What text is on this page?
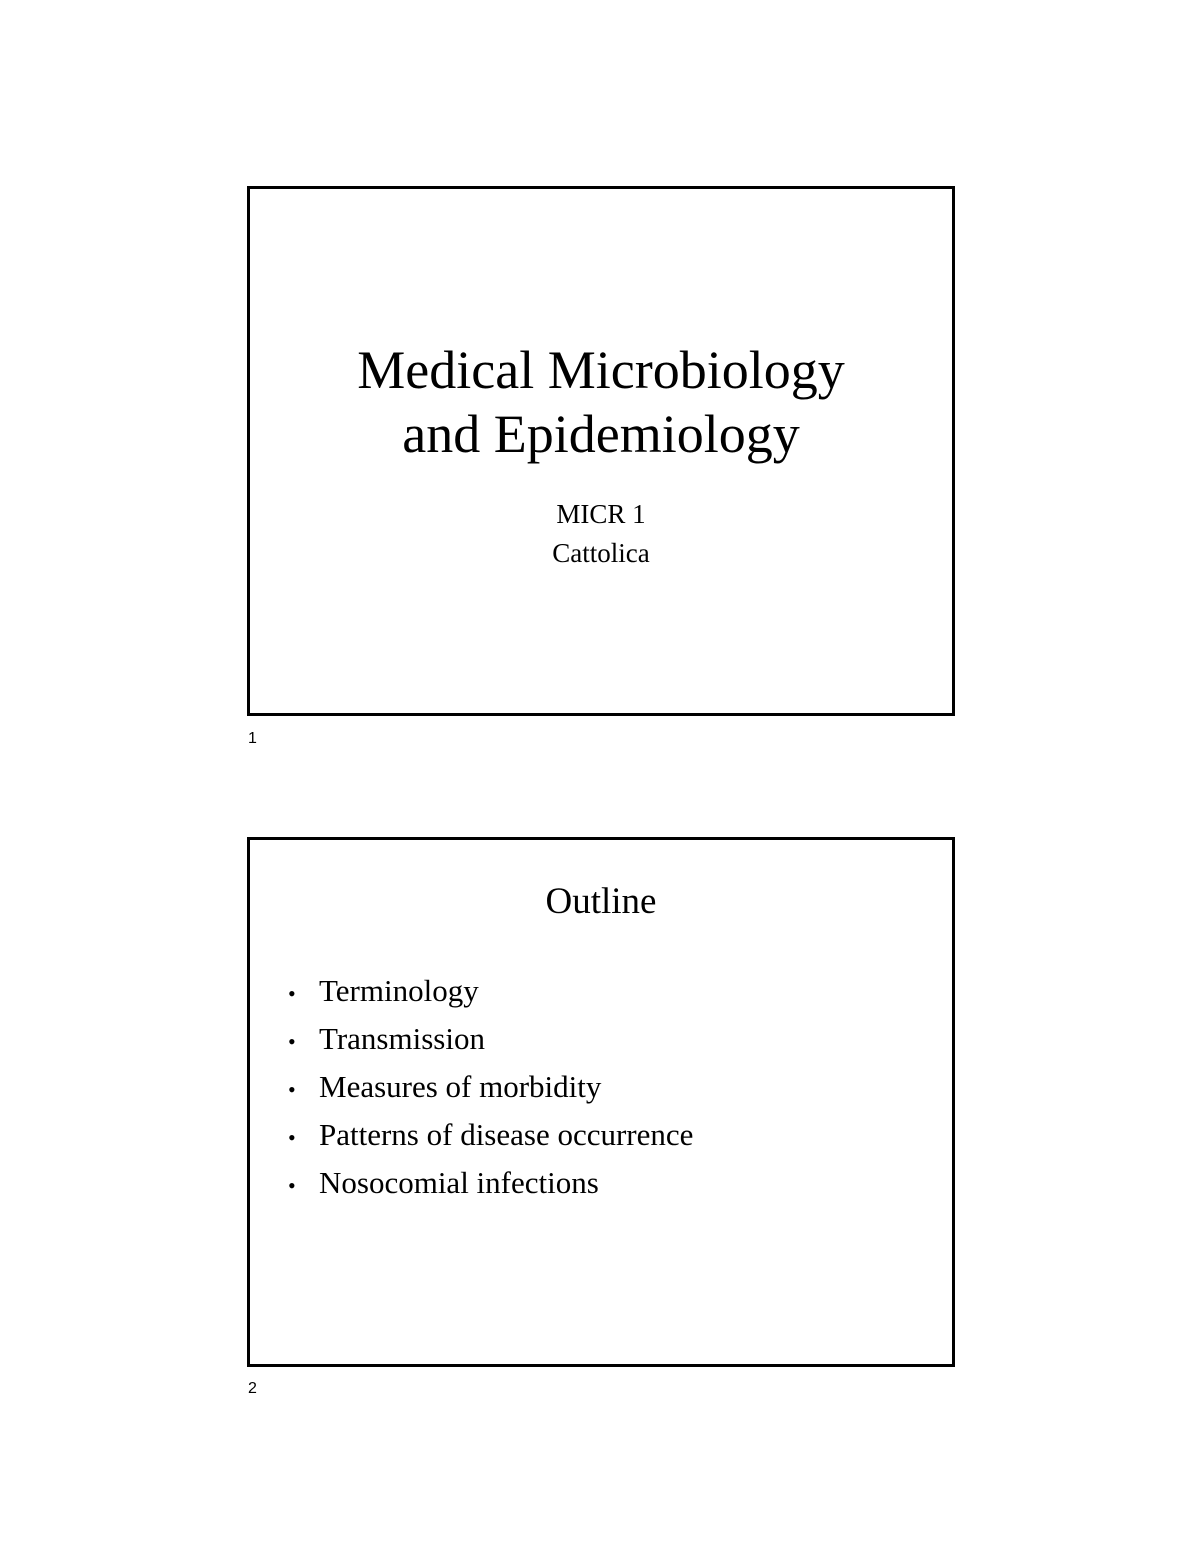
Medical Microbiology
and Epidemiology
MICR 1
Cattolica
1
Outline
• Terminology
• Transmission
• Measures of morbidity
• Patterns of disease occurrence
• Nosocomial infections
2
